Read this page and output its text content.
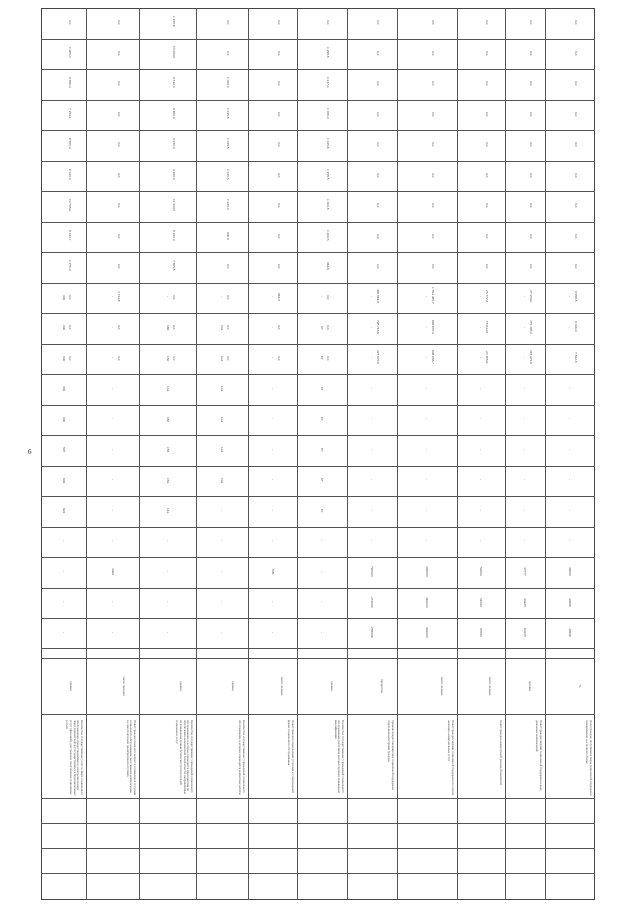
6
Количество государственных услуг в сфере социального обслуживания, предоставляемых в электронном виде через единый портал государственных и муниципальных услуг (функций), для граждан, получающих социальные услуги
единиц
-
-
-
-
622
600
597
000
000
000
000
000
0,0
0,0
0,0
1 275,0
8 321,7
10 725,0
8 335,0
8 555,0
7 252,1
9 558,0
1 985,3
0,0
Охват граждан пожилого возраста и инвалидов услугами социального обслуживания, получивших компенсацию за самостоятельно приобретенную путёвку
число граждан
-
-
3462
-
-
-
-
-
-
-
-
-
0,0
0,0
3 744,6
0,0
0,0
0,0
0,0
0,0
0,0
0,0
0,0
0,0
Количество государственных учреждений социального обслуживания, в которых проводятся мероприятия по обеспечению комплексной безопасности, направленные на повышение уровня безопасности получателей социальных услуг
единиц
-
-
-
-
114
154
155
160
144
150
166
-
0,0
0,0
0,0
7 565,5
8 250,0
11 000,5
9 250,0
9 220,0
9 480,0
9 512,0
10 250,0
1 155,6
Количество государственных учреждений социального обслуживания, в которых проводятся ремонтные работы
единиц
-
-
-
-
-
144
144
144
144
144
144
-
0,0
0,0
0,0
0,0
900,0
1 225,0
1 015,5
1 015,5
1 015,5
1 300,0
0,0
0,0
Охват граждан социальными услугами в стационарной форме социального обслуживания
тысяч человек
-
-
505
-
-
-
-
-
-
-
-
-
0,0
0,0
961,5
0,0
0,0
0,0
0,0
0,0
0,0
0,0
0,0
0,0
Количество государственных учреждений социального обслуживания, работники которых прошли повышение квалификации
единиц
-
-
-
-
67
67
67
67
67
67
67
-
0,0
0,0
0,0
964,6
1 200,5
1 300,5
1 155,5
1 325,6
1 359,0
1 217,4
1 298,5
0,0
Уровень предоставления мер социальной поддержки отдельным категориям граждан
процентов
255006
274000
720000
-
-
-
-
-
-
-
-
-
227 975,6
728 718,6
465 961,8
0,0
0,0
0,0
0,0
0,0
0,0
0,0
0,0
0,0
Охват граждан мерами социальной поддержки по оплате жилищно-коммунальных услуг
тысяч человек
364000
363000
395000
-
-
-
-
-
-
-
-
-
696 656,7
665 857,0
1 594 065,7
0,0
0,0
0,0
0,0
0,0
0,0
0,0
0,0
0,0
Охват граждан ежемесячной денежной выплатой
тысяч человек
97000
51000
52000
-
-
-
-
-
-
-
-
-
24 165,6
15 644,9
25 772,3
0,0
0,0
0,0
0,0
0,0
0,0
0,0
0,0
0,0
Охват граждан мерами социальной поддержки в виде денежных компенсаций
человек
60435
40425
47777
-
-
-
-
-
-
-
-
-
315 072,8
375 195,0
27 350,0
0,0
0,0
0,0
0,0
0,0
0,0
0,0
0,0
0,0
Доля граждан, получивших меры социальной поддержки своевременно и в полном объёме
%
40508
44996
48090
-
-
-
-
-
-
-
-
-
7 802,5
9 336,9
9 956,5
0,0
0,0
0,0
0,0
0,0
0,0
0,0
0,0
0,0
